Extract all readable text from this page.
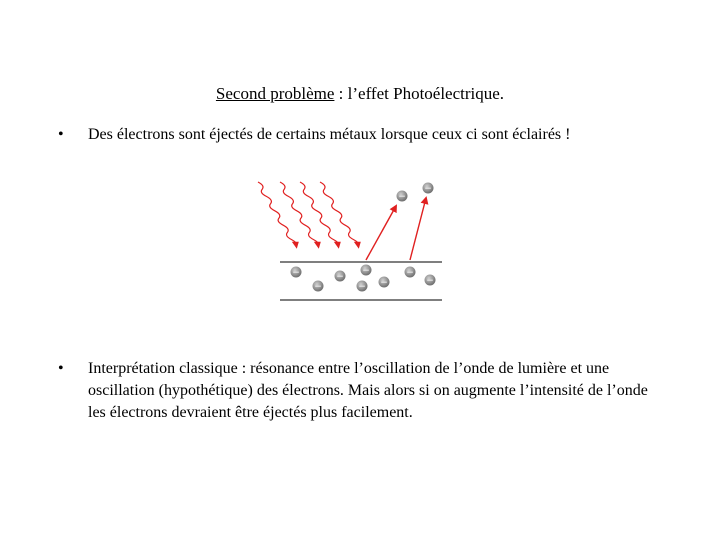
Second problème : l’effet Photoélectrique.
•	Des électrons sont éjectés de certains métaux lorsque ceux ci sont éclairés !
−
−
−
−
−
−
−
−
−
−
•	Interprétation classique : résonance entre l’oscillation de l’onde de lumière et une oscillation (hypothétique) des électrons. Mais alors si on augmente l’intensité de l’onde les électrons devraient être éjectés plus facilement.
